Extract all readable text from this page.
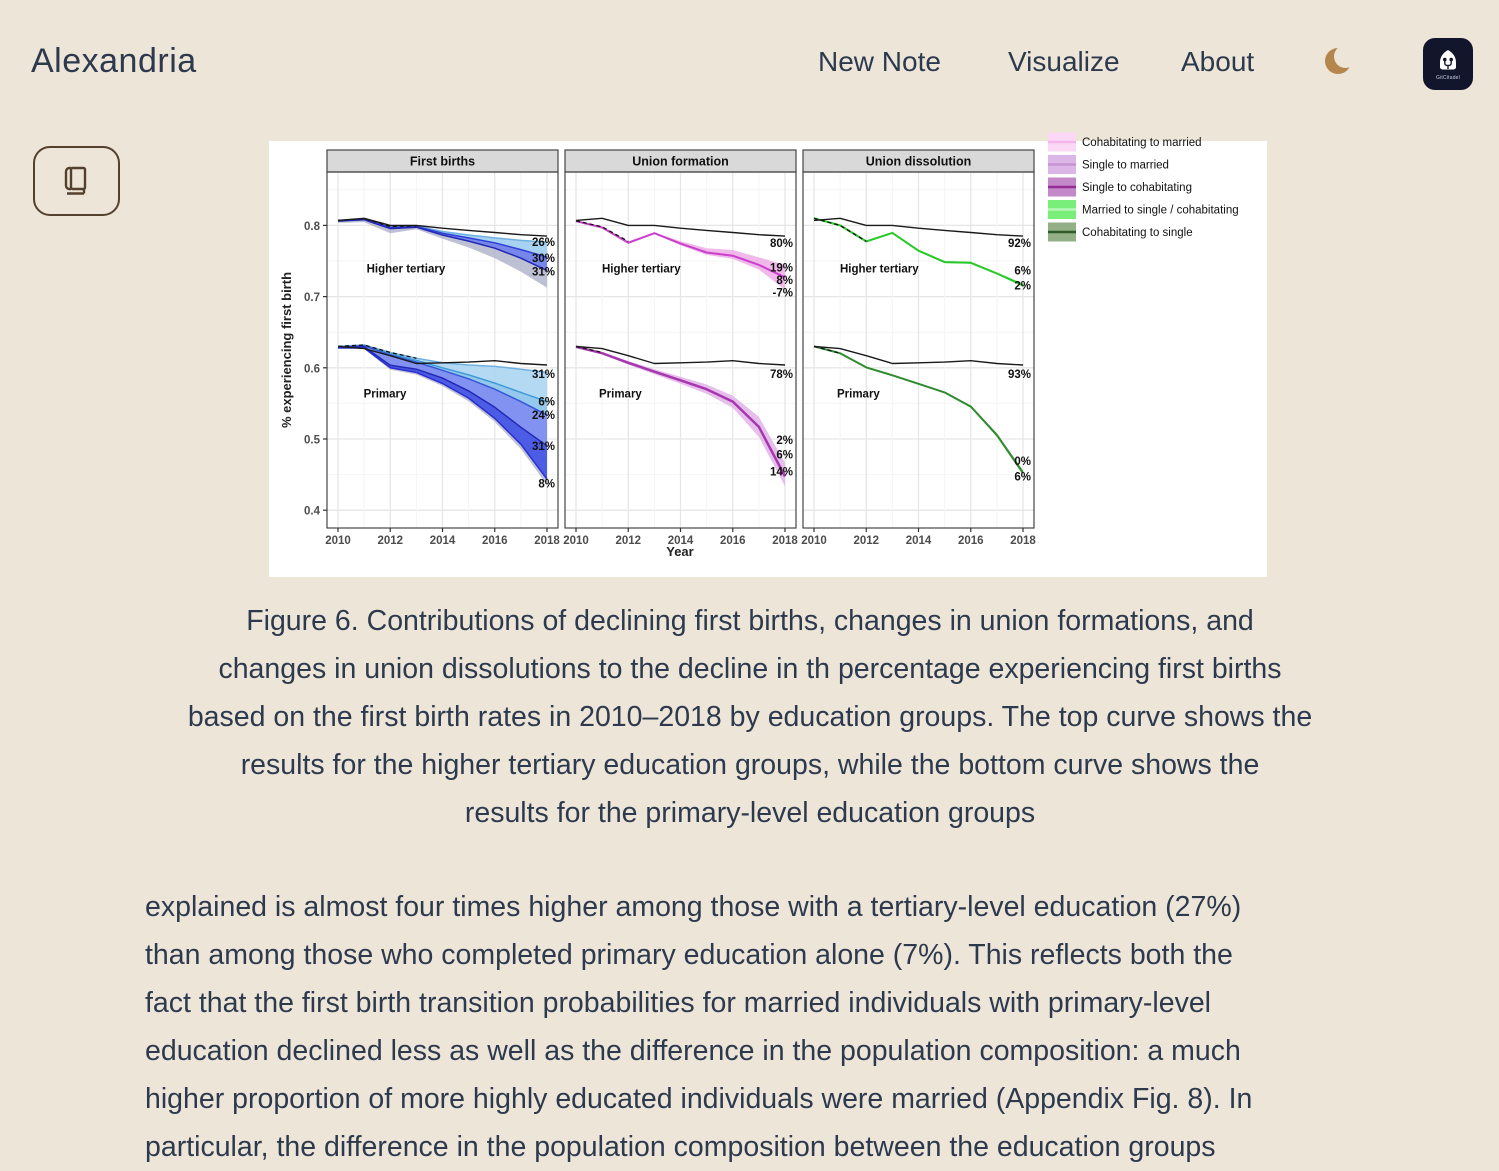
Alexandria	New Note Visualize About
GitCitadel
Higher tertiary
26%
30%
31%
Primary
31%
6%
24%
31%
8%
First births
2010 2012 2014 2016 2018
Higher tertiary
80%
19%
8%
-7%
Primary
78%
2%
6%
14%
Union formation
2010 2012 2014 2016 2018
Higher tertiary
92%
6%
2%
Primary
93%
0%
6%
Union dissolution
2010 2012 2014 2016 2018
0.4
0.5
0.6
0.7
0.8
% experiencing first birth
Year
Cohabitating to married
Single to married
Single to cohabitating
Married to single / cohabitating
Cohabitating to single
Figure 6. Contributions of declining first births, changes in union formations, and
changes in union dissolutions to the decline in th percentage experiencing first births
based on the first birth rates in 2010–2018 by education groups. The top curve shows the
results for the higher tertiary education groups, while the bottom curve shows the
results for the primary-level education groups
explained is almost four times higher among those with a tertiary-level education (27%)
than among those who completed primary education alone (7%). This reflects both the
fact that the first birth transition probabilities for married individuals with primary-level
education declined less as well as the difference in the population composition: a much
higher proportion of more highly educated individuals were married (Appendix Fig. 8). In
particular, the difference in the population composition between the education groups
